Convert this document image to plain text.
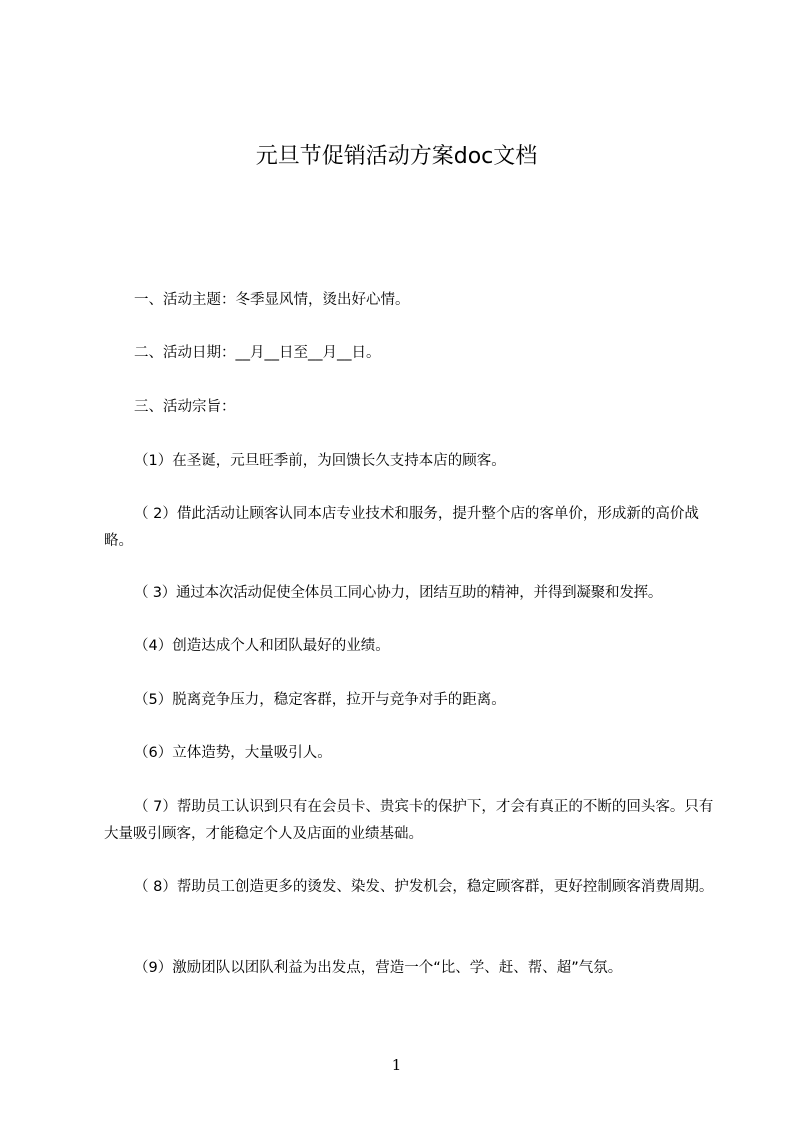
元旦节促销活动方案doc文档

一、活动主题：冬季显风情，烫出好心情。

二、活动日期：__月__日至__月__日。

三、活动宗旨：

（1）在圣诞，元旦旺季前，为回馈长久支持本店的顾客。

（ 2）借此活动让顾客认同本店专业技术和服务，提升整个店的客单价，形成新的高价战略。

（ 3）通过本次活动促使全体员工同心协力，团结互助的精神，并得到凝聚和发挥。

（4）创造达成个人和团队最好的业绩。

（5）脱离竞争压力，稳定客群，拉开与竞争对手的距离。

（6）立体造势，大量吸引人。

（ 7）帮助员工认识到只有在会员卡、贵宾卡的保护下，才会有真正的不断的回头客。只有大量吸引顾客，才能稳定个人及店面的业绩基础。

（ 8）帮助员工创造更多的烫发、染发、护发机会，稳定顾客群，更好控制顾客消费周期。

（9）激励团队以团队利益为出发点，营造一个“比、学、赶、帮、超”气氛。

1
